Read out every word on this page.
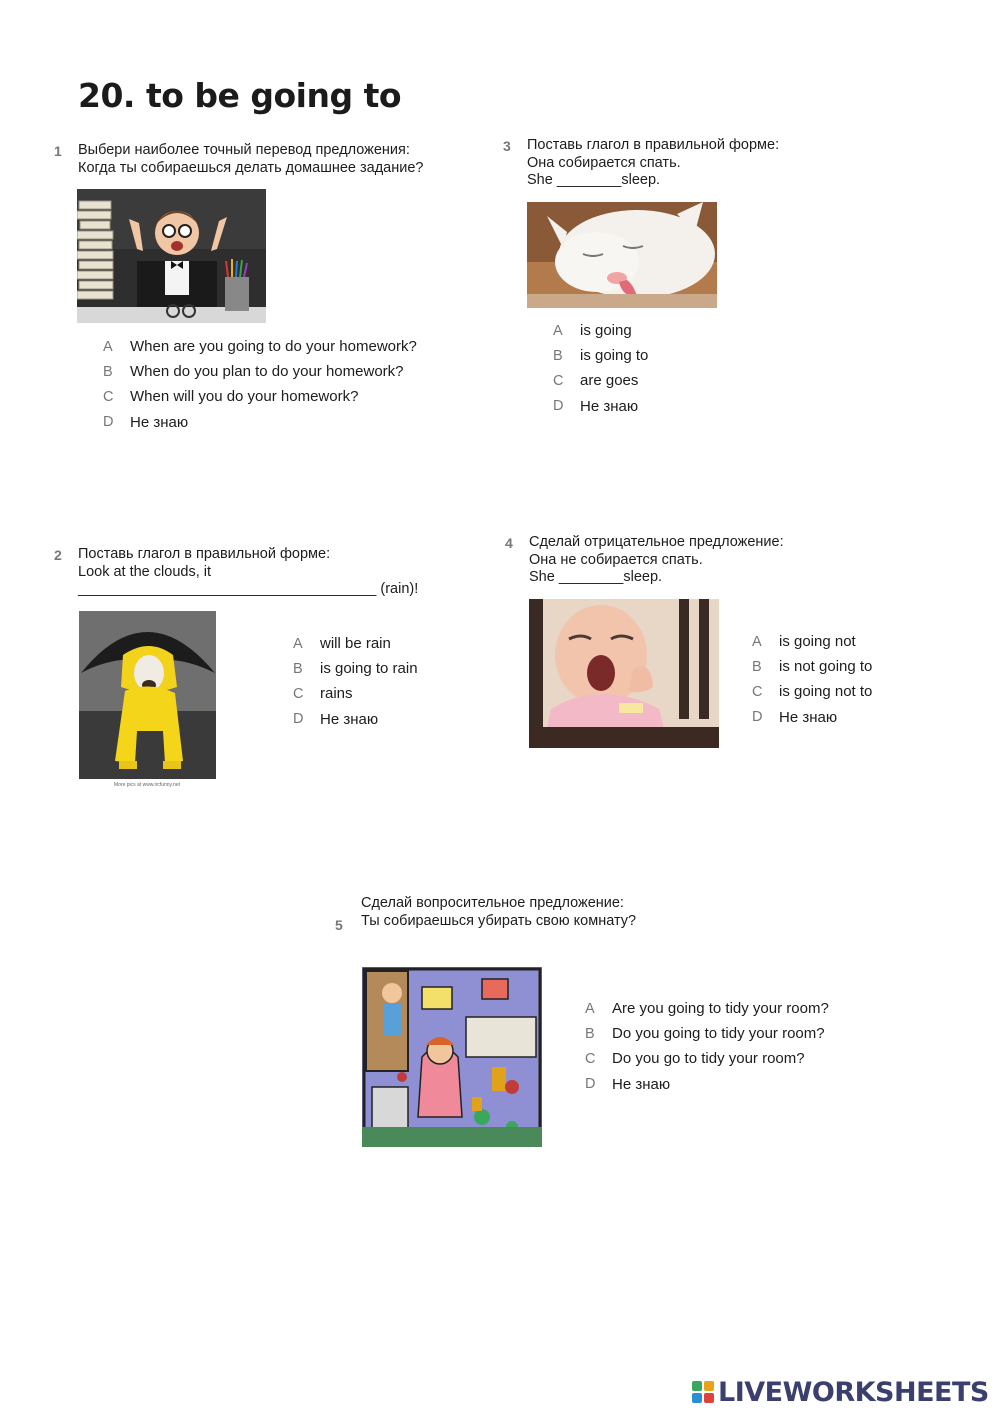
20. to be going to
1 Выбери наиболее точный перевод предложения:
Когда ты собираешься делать домашнее задание?
A	When are you going to do your homework?
B	When do you plan to do your homework?
C	When will you do your homework?
D	Не знаю
3 Поставь глагол в правильной форме:
Она собирается спать.
She ________sleep.
A	is going
B	is going to
C	are goes
D	Не знаю
2 Поставь глагол в правильной форме:
Look at the clouds, it
_____________________________________ (rain)!
More pics at www.ircfunny.net
A	will be rain
B	is going to rain
C	rains
D	Не знаю
4 Сделай отрицательное предложение:
Она не собирается спать.
She ________sleep.
A	is going not
B	is not going to
C	is going not to
D	Не знаю
5
Сделай вопросительное предложение:
Ты собираешься убирать свою комнату?
A	Are you going to tidy your room?
B	Do you going to tidy your room?
C	Do you go to tidy your room?
D	Не знаю
LIVEWORKSHEETS
